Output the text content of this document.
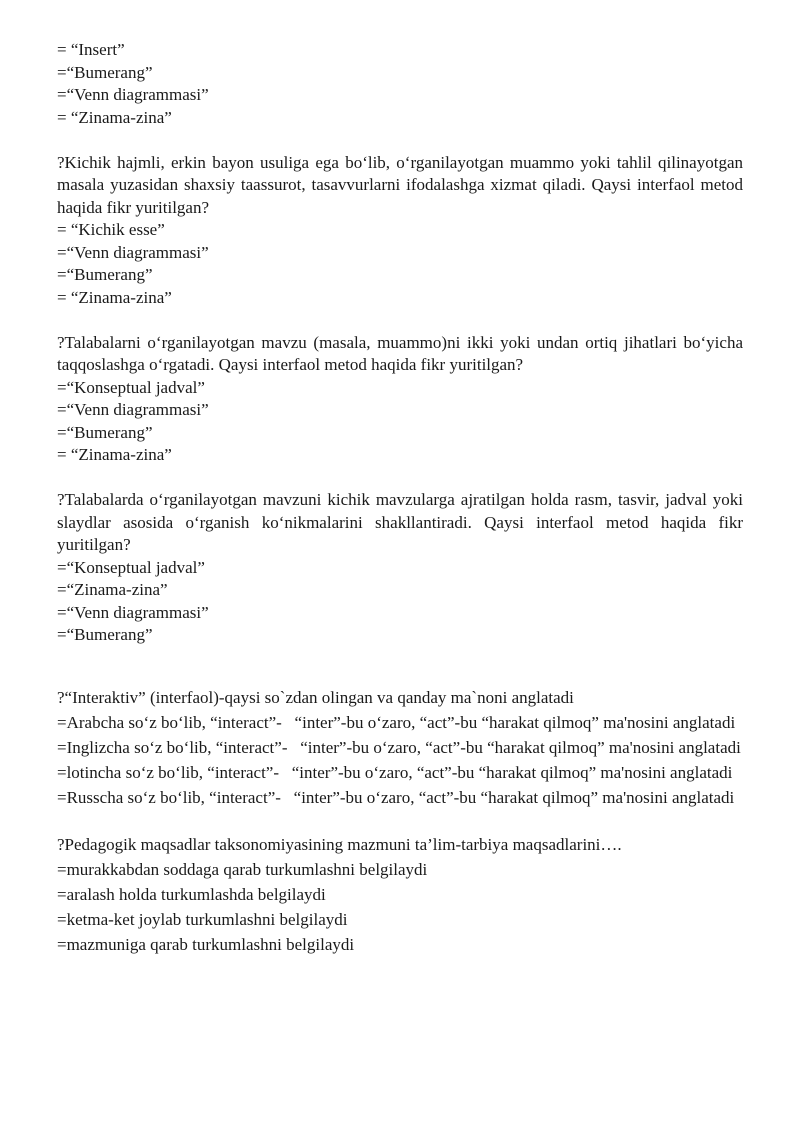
= “Insert”

=“Bumerang”

=“Venn diagrammasi”

= “Zinama-zina”

?Kichik hajmli, erkin bayon usuliga ega bo‘lib, o‘rganilayotgan muammo yoki tahlil qilinayotgan masala yuzasidan shaxsiy taassurot, tasavvurlarni ifodalashga xizmat qiladi. Qaysi interfaol metod haqida fikr yuritilgan?

= “Kichik esse”

=“Venn diagrammasi”

=“Bumerang”

= “Zinama-zina”

?Talabalarni o‘rganilayotgan mavzu (masala, muammo)ni ikki yoki undan ortiq jihatlari bo‘yicha taqqoslashga o‘rgatadi. Qaysi interfaol metod haqida fikr yuritilgan?

=“Konseptual jadval”

=“Venn diagrammasi”

=“Bumerang”

= “Zinama-zina”

?Talabalarda o‘rganilayotgan mavzuni kichik mavzularga ajratilgan holda rasm, tasvir, jadval yoki slaydlar asosida o‘rganish ko‘nikmalarini shakllantiradi. Qaysi interfaol metod haqida fikr yuritilgan?

=“Konseptual jadval”

=“Zinama-zina”

=“Venn diagrammasi”

=“Bumerang”

?“Interaktiv” (interfaol)-qaysi so`zdan olingan va qanday ma`noni anglatadi

=Arabcha so‘z bo‘lib, “interact”-   “inter”-bu o‘zaro, “act”-bu “harakat qilmoq” ma'nosini anglatadi

=Inglizcha so‘z bo‘lib, “interact”-   “inter”-bu o‘zaro, “act”-bu “harakat qilmoq” ma'nosini anglatadi

=lotincha so‘z bo‘lib, “interact”-   “inter”-bu o‘zaro, “act”-bu “harakat qilmoq” ma'nosini anglatadi

=Russcha so‘z bo‘lib, “interact”-   “inter”-bu o‘zaro, “act”-bu “harakat qilmoq” ma'nosini anglatadi

?Pedagogik maqsadlar taksonomiyasining mazmuni ta’lim-tarbiya maqsadlarini….

=murakkabdan soddaga qarab turkumlashni belgilaydi

=aralash holda turkumlashda belgilaydi

=ketma-ket joylab turkumlashni belgilaydi

=mazmuniga qarab turkumlashni belgilaydi
